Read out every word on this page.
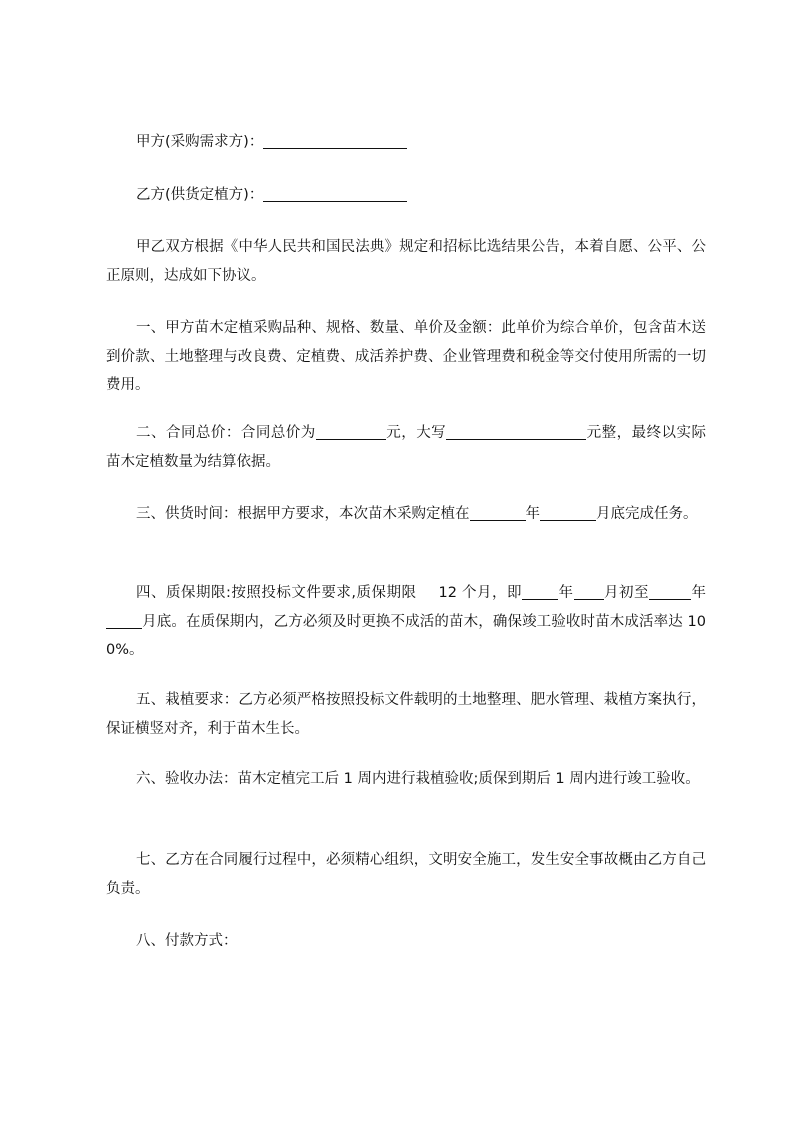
甲方(采购需求方)：

乙方(供货定植方)：

甲乙双方根据《中华人民共和国民法典》规定和招标比选结果公告，本着自愿、公平、公正原则，达成如下协议。

一、甲方苗木定植采购品种、规格、数量、单价及金额：此单价为综合单价，包含苗木送到价款、土地整理与改良费、定植费、成活养护费、企业管理费和税金等交付使用所需的一切费用。

二、合同总价：合同总价为	元，大写	元整，最终以实际苗木定植数量为结算依据。

三、供货时间：根据甲方要求，本次苗木采购定植在	年	月底完成任务。

四、质保期限:按照投标文件要求,质保期限 12 个月，即 年 月初至	年月底。在质保期内，乙方必须及时更换不成活的苗木，确保竣工验收时苗木成活率达 100%。

五、栽植要求：乙方必须严格按照投标文件载明的土地整理、肥水管理、栽植方案执行，保证横竖对齐，利于苗木生长。

六、验收办法：苗木定植完工后 1 周内进行栽植验收;质保到期后 1 周内进行竣工验收。

七、乙方在合同履行过程中，必须精心组织，文明安全施工，发生安全事故概由乙方自己负责。

八、付款方式：
